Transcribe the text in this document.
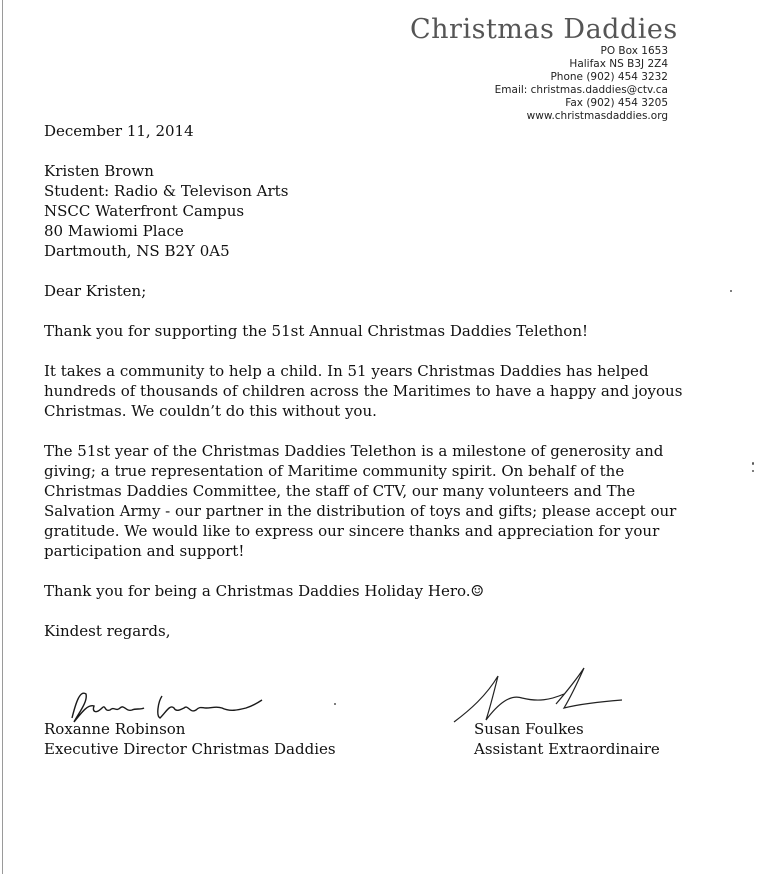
Christmas Daddies
PO Box 1653
Halifax NS B3J 2Z4
Phone (902) 454 3232
Email: christmas.daddies@ctv.ca
Fax (902) 454 3205
www.christmasdaddies.org
December 11, 2014
Kristen Brown
Student: Radio & Televison Arts
NSCC Waterfront Campus
80 Mawiomi Place
Dartmouth, NS B2Y 0A5
Dear Kristen;
Thank you for supporting the 51st Annual Christmas Daddies Telethon!
It takes a community to help a child. In 51 years Christmas Daddies has helped hundreds of thousands of children across the Maritimes to have a happy and joyous Christmas. We couldn’t do this without you.
The 51st year of the Christmas Daddies Telethon is a milestone of generosity and giving; a true representation of Maritime community spirit. On behalf of the Christmas Daddies Committee, the staff of CTV, our many volunteers and The Salvation Army - our partner in the distribution of toys and gifts; please accept our gratitude. We would like to express our sincere thanks and appreciation for your participation and support!
Thank you for being a Christmas Daddies Holiday Hero.☺
Kindest regards,
Roxanne Robinson
Executive Director Christmas Daddies
Susan Foulkes
Assistant Extraordinaire
